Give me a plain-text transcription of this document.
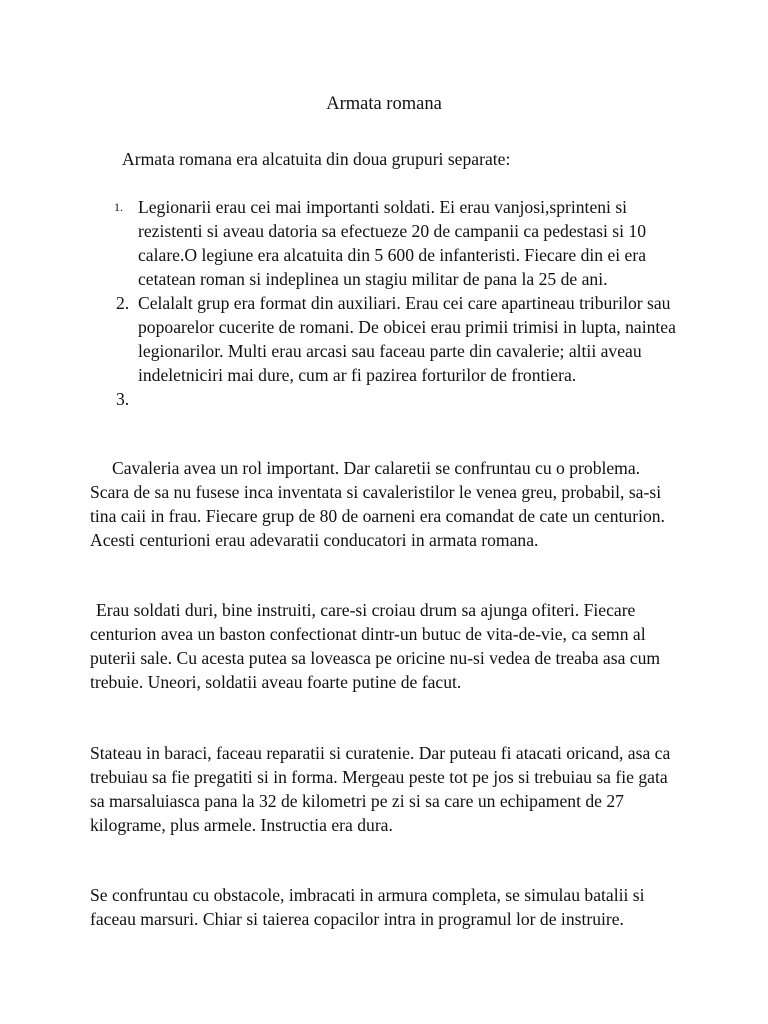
Armata romana
Armata romana era alcatuita din doua grupuri separate:
1. Legionarii erau cei mai importanti soldati. Ei erau vanjosi,sprinteni si rezistenti si aveau datoria sa efectueze 20 de campanii ca pedestasi si 10 calare.O legiune era alcatuita din 5 600 de infanteristi. Fiecare din ei era cetatean roman si indeplinea un stagiu militar de pana la 25 de ani.
2. Celalalt grup era format din auxiliari. Erau cei care apartineau triburilor sau popoarelor cucerite de romani. De obicei erau primii trimisi in lupta, naintea legionarilor. Multi erau arcasi sau faceau parte din cavalerie; altii aveau indeletniciri mai dure, cum ar fi pazirea forturilor de frontiera.
3.

Cavaleria avea un rol important. Dar calaretii se confruntau cu o problema. Scara de sa nu fusese inca inventata si cavaleristilor le venea greu, probabil, sa-si tina caii in frau. Fiecare grup de 80 de oarneni era comandat de cate un centurion. Acesti centurioni erau adevaratii conducatori in armata romana.

Erau soldati duri, bine instruiti, care-si croiau drum sa ajunga ofiteri. Fiecare centurion avea un baston confectionat dintr-un butuc de vita-de-vie, ca semn al puterii sale. Cu acesta putea sa loveasca pe oricine nu-si vedea de treaba asa cum trebuie. Uneori, soldatii aveau foarte putine de facut.

Stateau in baraci, faceau reparatii si curatenie. Dar puteau fi atacati oricand, asa ca trebuiau sa fie pregatiti si in forma. Mergeau peste tot pe jos si trebuiau sa fie gata sa marsaluiasca pana la 32 de kilometri pe zi si sa care un echipament de 27 kilograme, plus armele. Instructia era dura.

Se confruntau cu obstacole, imbracati in armura completa, se simulau batalii si faceau marsuri. Chiar si taierea copacilor intra in programul lor de instruire.
